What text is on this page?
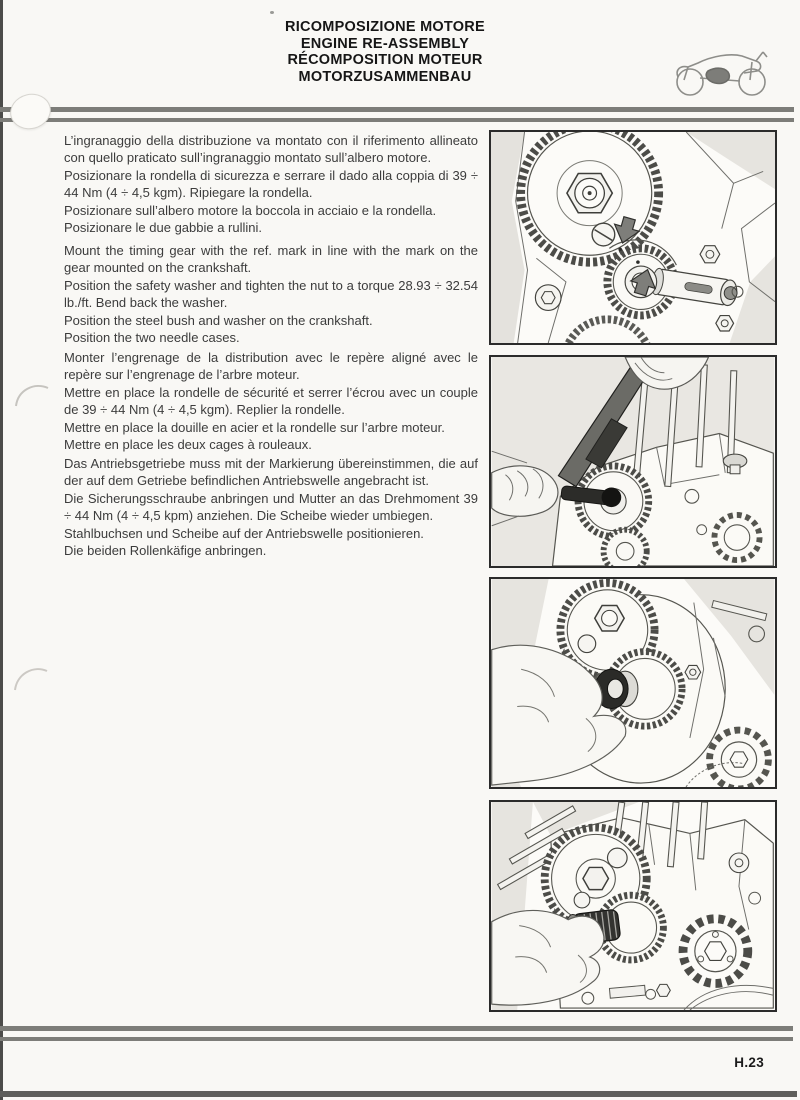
RICOMPOSIZIONE MOTORE
ENGINE RE-ASSEMBLY
RÉCOMPOSITION MOTEUR
MOTORZUSAMMENBAU

L’ingranaggio della distribuzione va montato con il riferimento allineato con quello praticato sull’ingranaggio montato sull’albero motore.

Posizionare la rondella di sicurezza e serrare il dado alla coppia di 39 ÷ 44 Nm (4 ÷ 4,5 kgm). Ripiegare la rondella.

Posizionare sull’albero motore la boccola in acciaio e la rondella.

Posizionare le due gabbie a rullini.

Mount the timing gear with the ref. mark in line with the mark on the gear mounted on the crankshaft.

Position the safety washer and tighten the nut to a torque 28.93 ÷ 32.54 lb./ft. Bend back the washer.

Position the steel bush and washer on the crankshaft.

Position the two needle cases.

Monter l’engrenage de la distribution avec le repère aligné avec le repère sur l’engrenage de l’arbre moteur.

Mettre en place la rondelle de sécurité et serrer l’écrou avec un couple de 39 ÷ 44 Nm (4 ÷ 4,5 kgm). Replier la rondelle.

Mettre en place la douille en acier et la rondelle sur l’arbre moteur.

Mettre en place les deux cages à rouleaux.

Das Antriebsgetriebe muss mit der Markierung übereinstimmen, die auf der auf dem Getriebe befindlichen Antriebswelle angebracht ist.

Die Sicherungsschraube anbringen und Mutter an das Drehmoment 39 ÷ 44 Nm (4 ÷ 4,5 kpm) anziehen. Die Scheibe wieder umbiegen.

Stahlbuchsen und Scheibe auf der Antriebswelle positionieren.

Die beiden Rollenkäfige anbringen.

H.23
